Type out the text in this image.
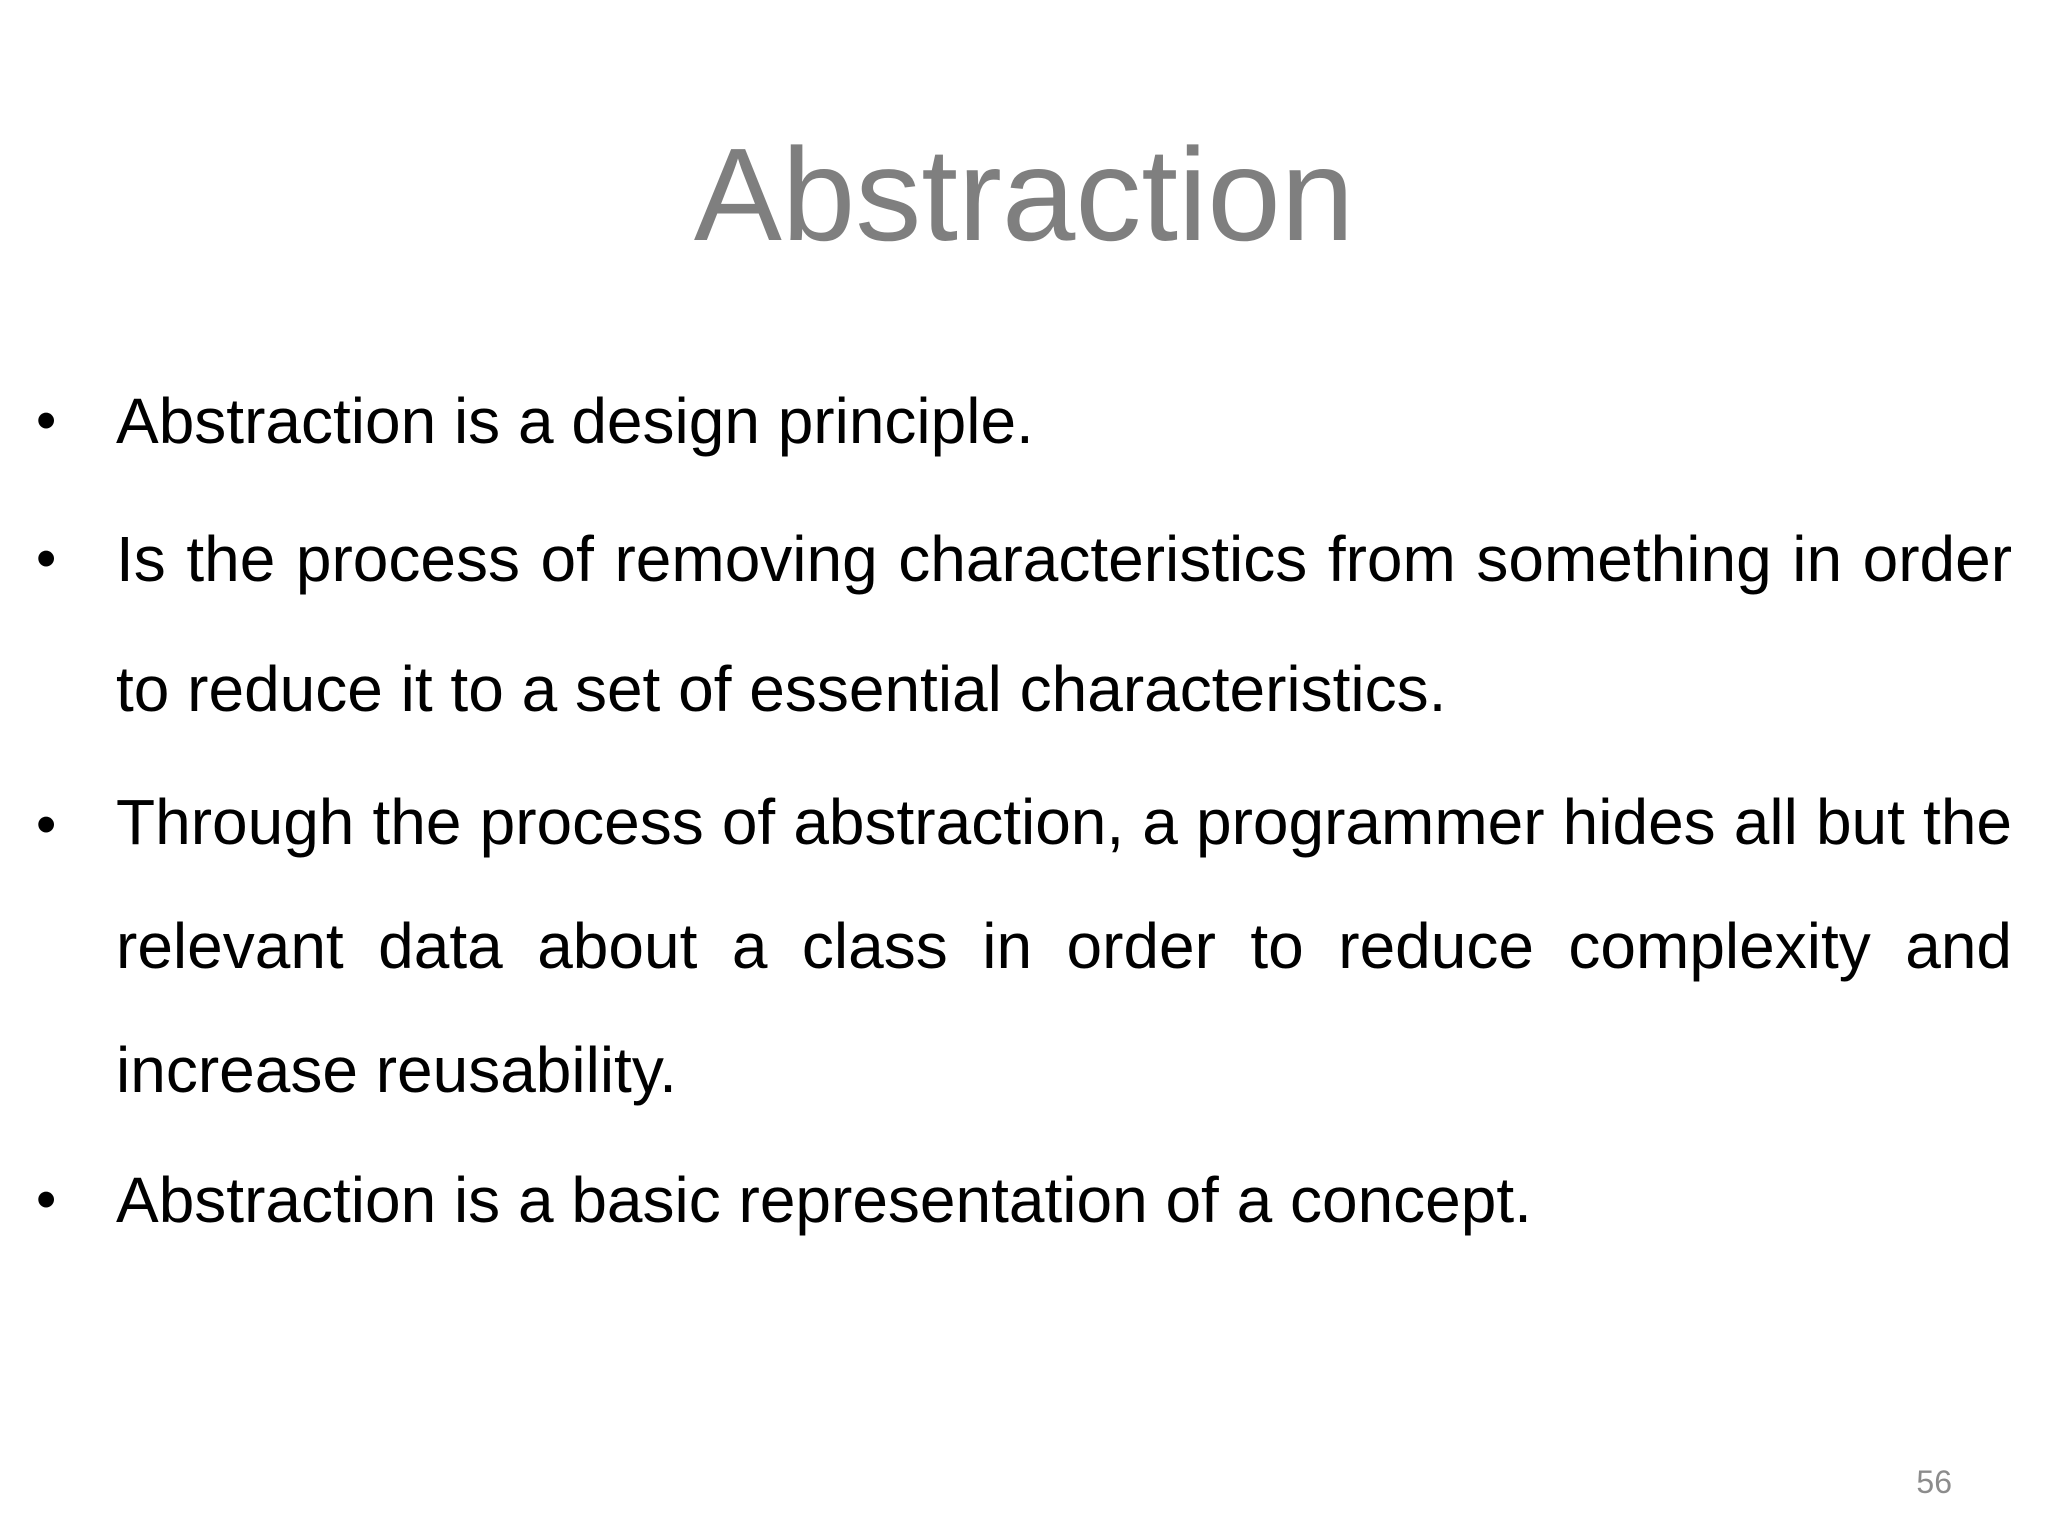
Abstraction
• Abstraction is a design principle.
• Is the process of removing characteristics from something in order to reduce it to a set of essential characteristics.
• Through the process of abstraction, a programmer hides all but the relevant data about a class in order to reduce complexity and increase reusability.
• Abstraction is a basic representation of a concept.
56
